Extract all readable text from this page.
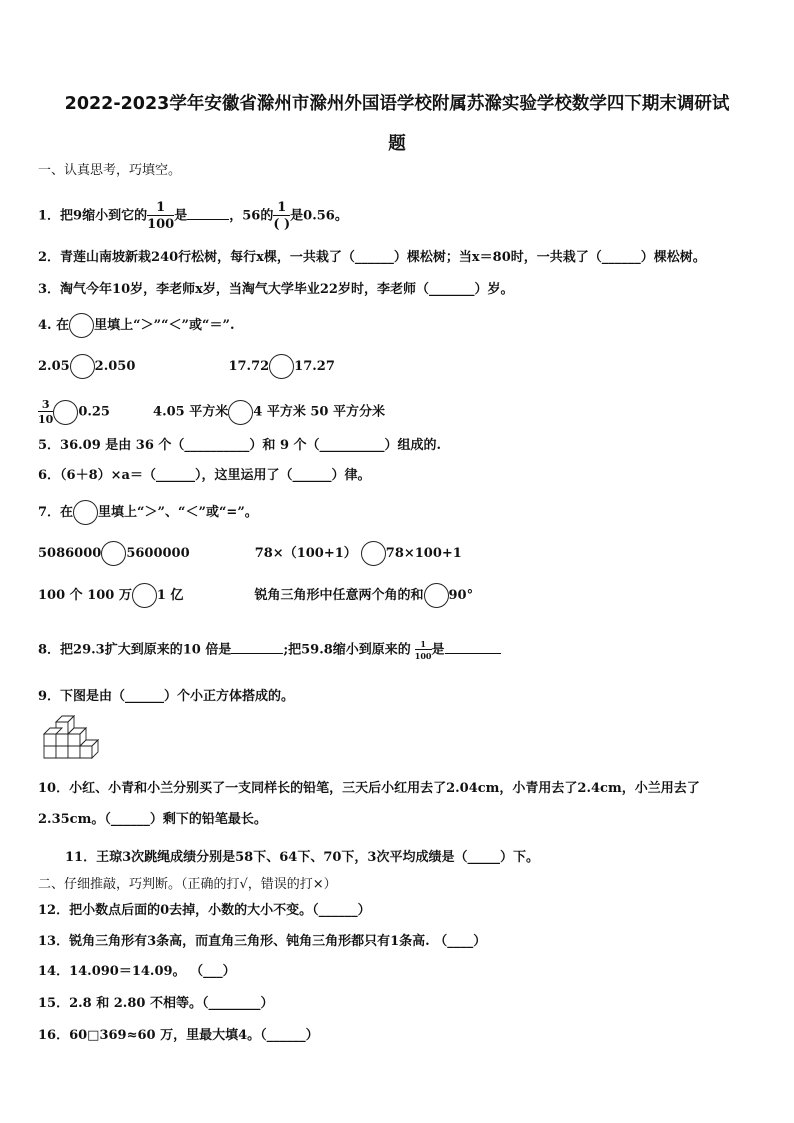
2022-2023学年安徽省滁州市滁州外国语学校附属苏滁实验学校数学四下期末调研试
题
一、认真思考，巧填空。
1．把9缩小到它的 $\frac{1}{100}$ 是	，56的 $\frac{1}{( )}$ 是0.56。
2．青莲山南坡新栽240行松树，每行x棵，一共栽了（______）棵松树；当x＝80时，一共栽了（______）棵松树。
3．淘气今年10岁，李老师x岁，当淘气大学毕业22岁时，李老师（_______）岁。
4. 在 里填上“＞”“＜”或“＝”.
2.05 2.050	17.72 17.27
$\frac{3}{10} 0.25$	4.05 平方米 4 平方米 50 平方分米
5．36.09 是由 36 个（__________）和 9 个（__________）组成的.
6．（6＋8）×a＝（______），这里运用了（______）律。
7．在 里填上“＞”、“＜”或“=”。
5086000 5600000	78×（100+1） 78×100+1
100 个 100 万 1 亿	锐角三角形中任意两个角的和 90°
8．把29.3扩大到原来的10 倍是	;把59.8缩小到原来的 $\frac{1}{100}$ 是
9．下图是由（______）个小正方体搭成的。
10．小红、小青和小兰分别买了一支同样长的铅笔，三天后小红用去了2.04cm，小青用去了2.4cm，小兰用去了
2.35cm。（______）剩下的铅笔最长。
11．王琼3次跳绳成绩分别是58下、64下、70下，3次平均成绩是（_____）下。
二、仔细推敲，巧判断。（正确的打√，错误的打×）
12．把小数点后面的0去掉，小数的大小不变。（______）
13．锐角三角形有3条高，而直角三角形、钝角三角形都只有1条高. （____）
14．14.090＝14.09。 （___）
15．2.8 和 2.80 不相等。（________）
16．60□369≈60 万，里最大填4。（______）
